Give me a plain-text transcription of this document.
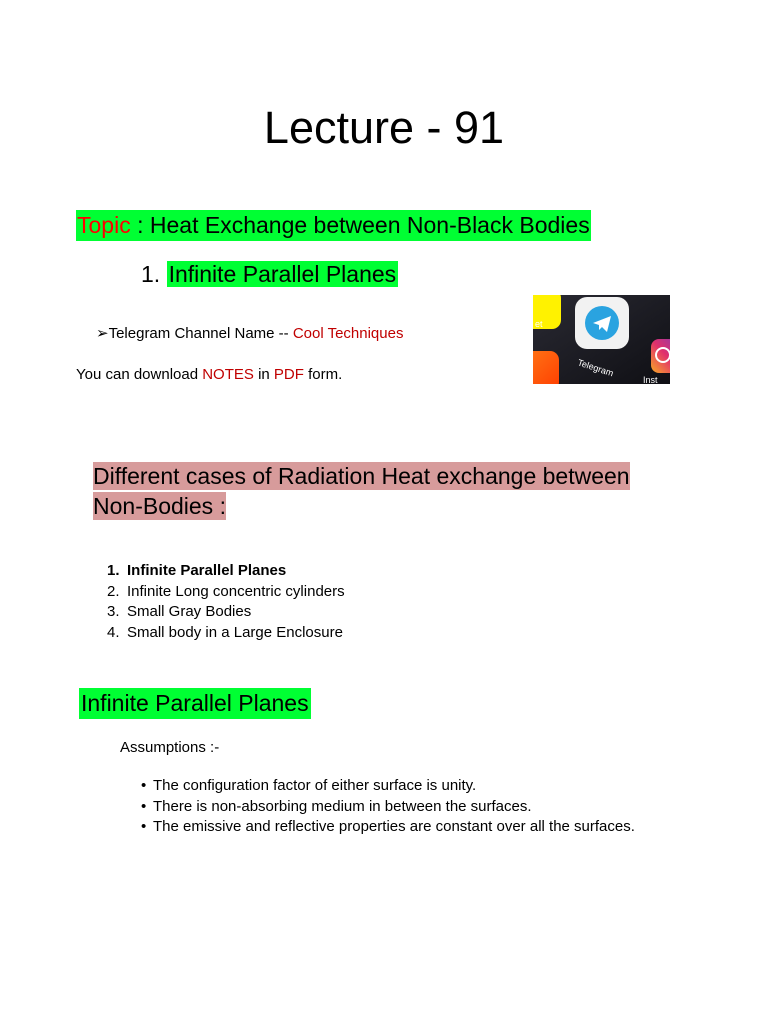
Lecture - 91
Topic : Heat Exchange between Non-Black Bodies
1. Infinite Parallel Planes
➢Telegram Channel Name -- Cool Techniques
You can download NOTES in PDF form.
et
Telegram
Inst
Different cases of Radiation Heat exchange between Non-Bodies :
1. Infinite Parallel Planes
2. Infinite Long concentric cylinders
3. Small Gray Bodies
4. Small body in a Large Enclosure
Infinite Parallel Planes
Assumptions :-
• The configuration factor of either surface is unity.
• There is non-absorbing medium in between the surfaces.
• The emissive and reflective properties are constant over all the surfaces.
